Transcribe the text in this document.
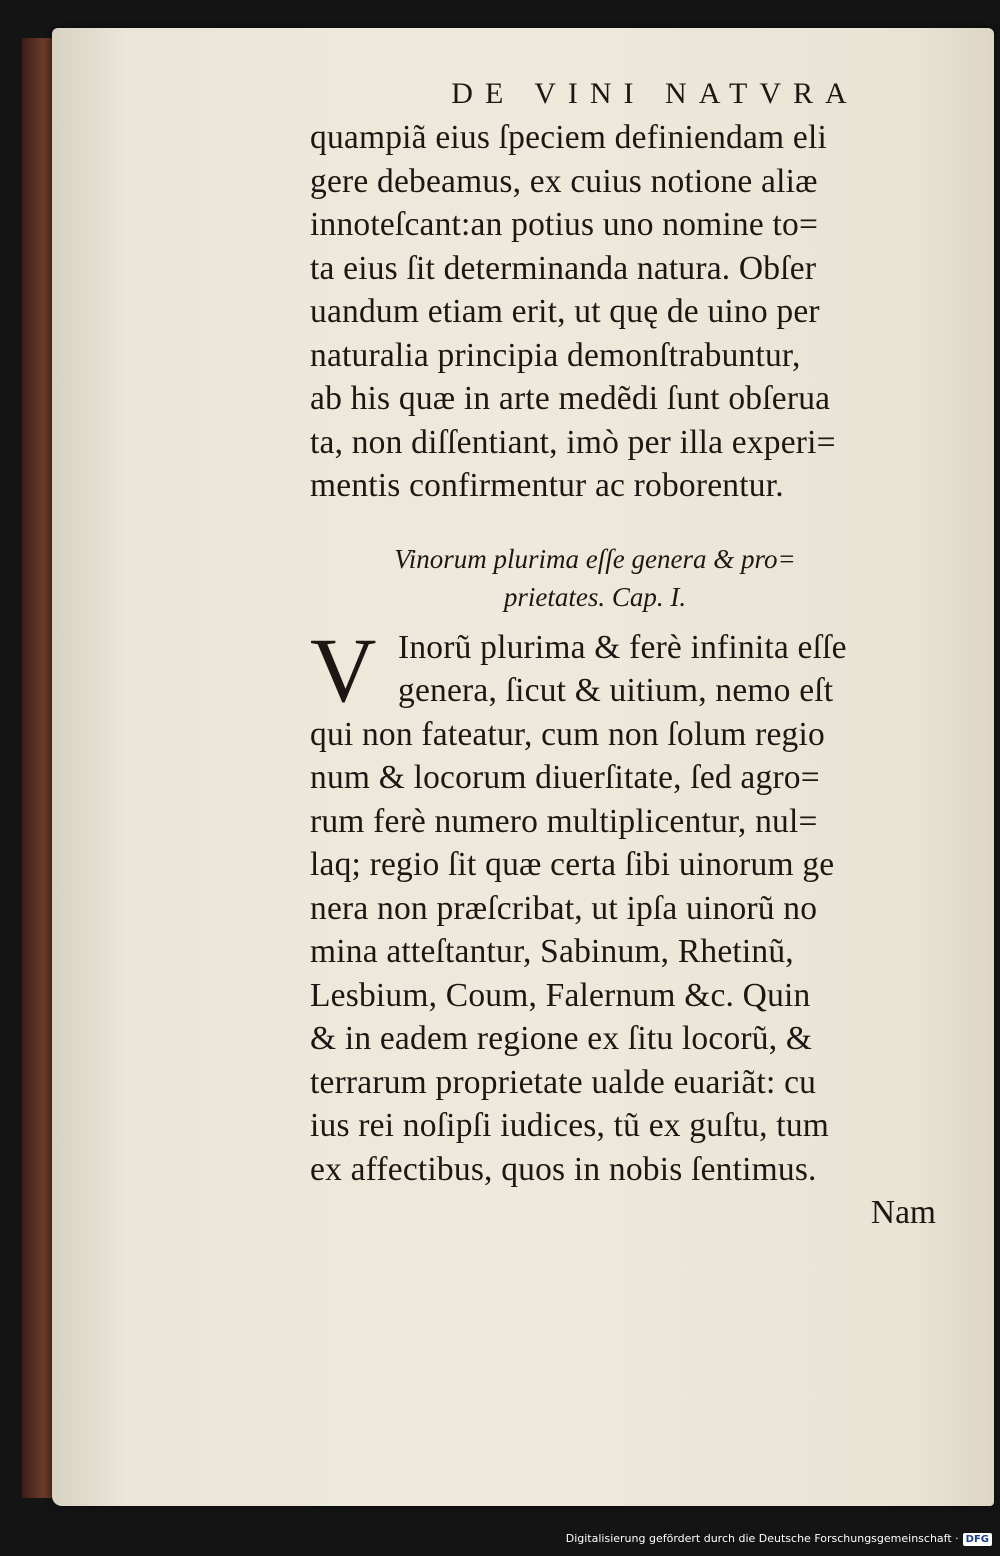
DE VINI NATVRA
quampiã eius ſpeciem definiendam eli
gere debeamus, ex cuius notione aliæ
innoteſcant:an potius uno nomine to=
ta eius ſit determinanda natura. Obſer
uandum etiam erit, ut quę de uino per
naturalia principia demonſtrabuntur,
ab his quæ in arte medẽdi ſunt obſerua
ta, non diſſentiant, imò per illa experi=
mentis confirmentur ac roborentur.
Vinorum plurima eſſe genera & pro=
prietates. Cap. I.
V Inorũ plurima & ferè infinita eſſe
genera, ſicut & uitium, nemo eſt
qui non fateatur, cum non ſolum regio
num & locorum diuerſitate, ſed agro=
rum ferè numero multiplicentur, nul=
laq; regio ſit quæ certa ſibi uinorum ge
nera non præſcribat, ut ipſa uinorũ no
mina atteſtantur, Sabinum, Rhetinũ,
Lesbium, Coum, Falernum &c. Quin
& in eadem regione ex ſitu locorũ, &
terrarum proprietate ualde euariãt: cu
ius rei noſipſi iudices, tũ ex guſtu, tum
ex affectibus, quos in nobis ſentimus.
Nam
Digitalisierung gefördert durch die Deutsche Forschungsgemeinschaft · DFG
